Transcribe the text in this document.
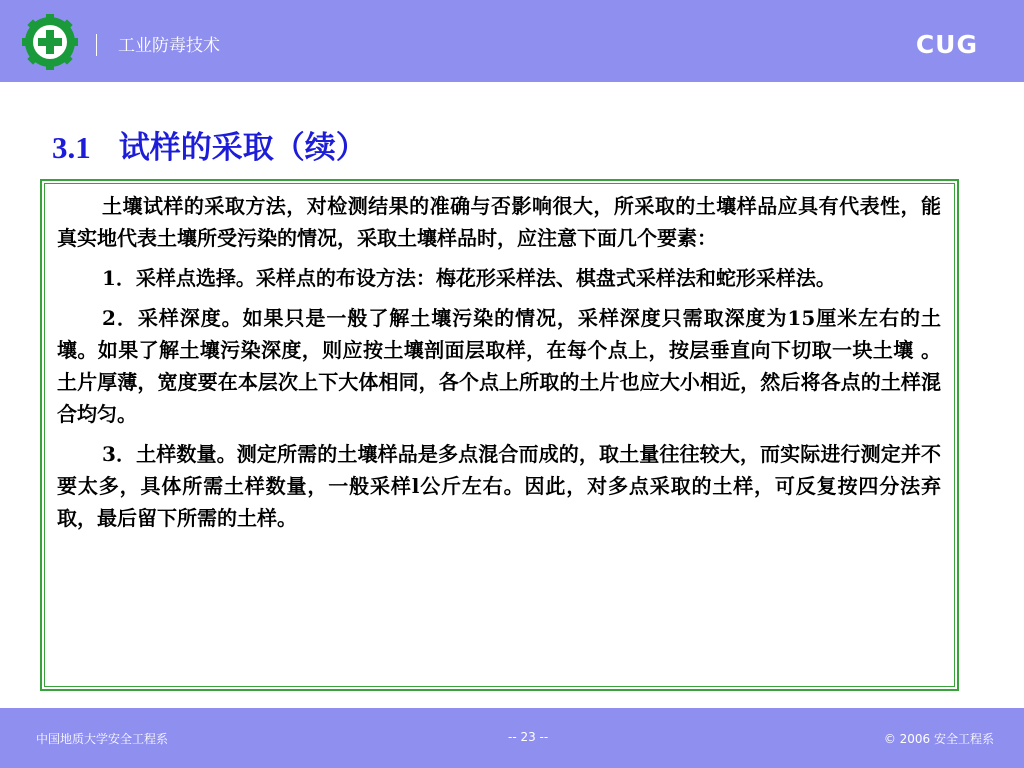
工业防毒技术	CUG
3.1 试样的采取（续）

土壤试样的采取方法，对检测结果的准确与否影响很大，所采取的土壤样品应具有代表性，能真实地代表土壤所受污染的情况，采取土壤样品时，应注意下面几个要素：

1．采样点选择。采样点的布设方法：梅花形采样法、棋盘式采样法和蛇形采样法。

2．采样深度。如果只是一般了解土壤污染的情况，采样深度只需取深度为15厘米左右的土壤。如果了解土壤污染深度，则应按土壤剖面层取样，在每个点上，按层垂直向下切取一块土壤 。土片厚薄，宽度要在本层次上下大体相同，各个点上所取的土片也应大小相近，然后将各点的土样混合均匀。

3．土样数量。测定所需的土壤样品是多点混合而成的，取土量往往较大，而实际进行测定并不要太多，具体所需土样数量，一般采样l公斤左右。因此，对多点采取的土样，可反复按四分法弃取，最后留下所需的土样。

中国地质大学安全工程系	-- 23 --	© 2006 安全工程系
